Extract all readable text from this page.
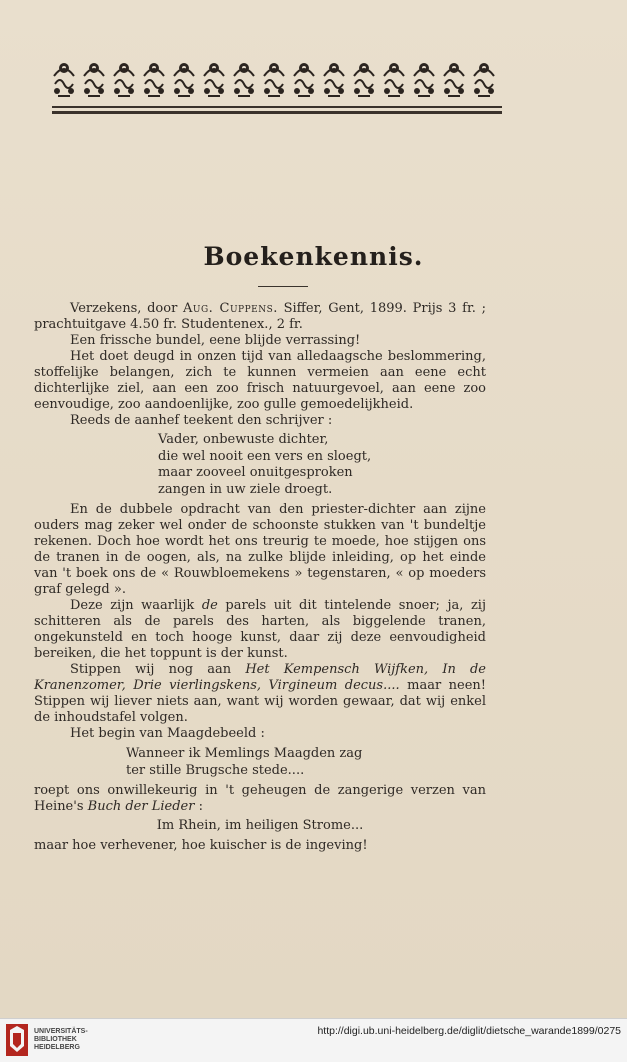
Boekenkennis.

Verzekens, door Aug. Cuppens. Siffer, Gent, 1899. Prijs 3 fr. ; prachtuitgave 4.50 fr. Studentenex., 2 fr.

Een frissche bundel, eene blijde verrassing!

Het doet deugd in onzen tijd van alledaagsche beslommering, stoffelijke belangen, zich te kunnen vermeien aan eene echt dichterlijke ziel, aan een zoo frisch natuurgevoel, aan eene zoo eenvoudige, zoo aandoenlijke, zoo gulle gemoedelijkheid.

Reeds de aanhef teekent den schrijver :

Vader, onbewuste dichter,

die wel nooit een vers en sloegt,

maar zooveel onuitgesproken

zangen in uw ziele droegt.

En de dubbele opdracht van den priester-dichter aan zijne ouders mag zeker wel onder de schoonste stukken van 't bundeltje rekenen. Doch hoe wordt het ons treurig te moede, hoe stijgen ons de tranen in de oogen, als, na zulke blijde inleiding, op het einde van 't boek ons de « Rouwbloemekens » tegenstaren, « op moeders graf gelegd ».

Deze zijn waarlijk de parels uit dit tintelende snoer; ja, zij schitteren als de parels des harten, als biggelende tranen, ongekunsteld en toch hooge kunst, daar zij deze eenvoudigheid bereiken, die het toppunt is der kunst.

Stippen wij nog aan Het Kempensch Wijfken, In de Kranenzomer, Drie vierlingskens, Virgineum decus.... maar neen! Stippen wij liever niets aan, want wij worden gewaar, dat wij enkel de inhoudstafel volgen.

Het begin van Maagdebeeld :

Wanneer ik Memlings Maagden zag

ter stille Brugsche stede....

roept ons onwillekeurig in 't geheugen de zangerige verzen van Heine's Buch der Lieder :

Im Rhein, im heiligen Strome...

maar hoe verhevener, hoe kuischer is de ingeving!

UNIVERSITÄTS-
BIBLIOTHEK
HEIDELBERG
http://digi.ub.uni-heidelberg.de/diglit/dietsche_warande1899/0275
